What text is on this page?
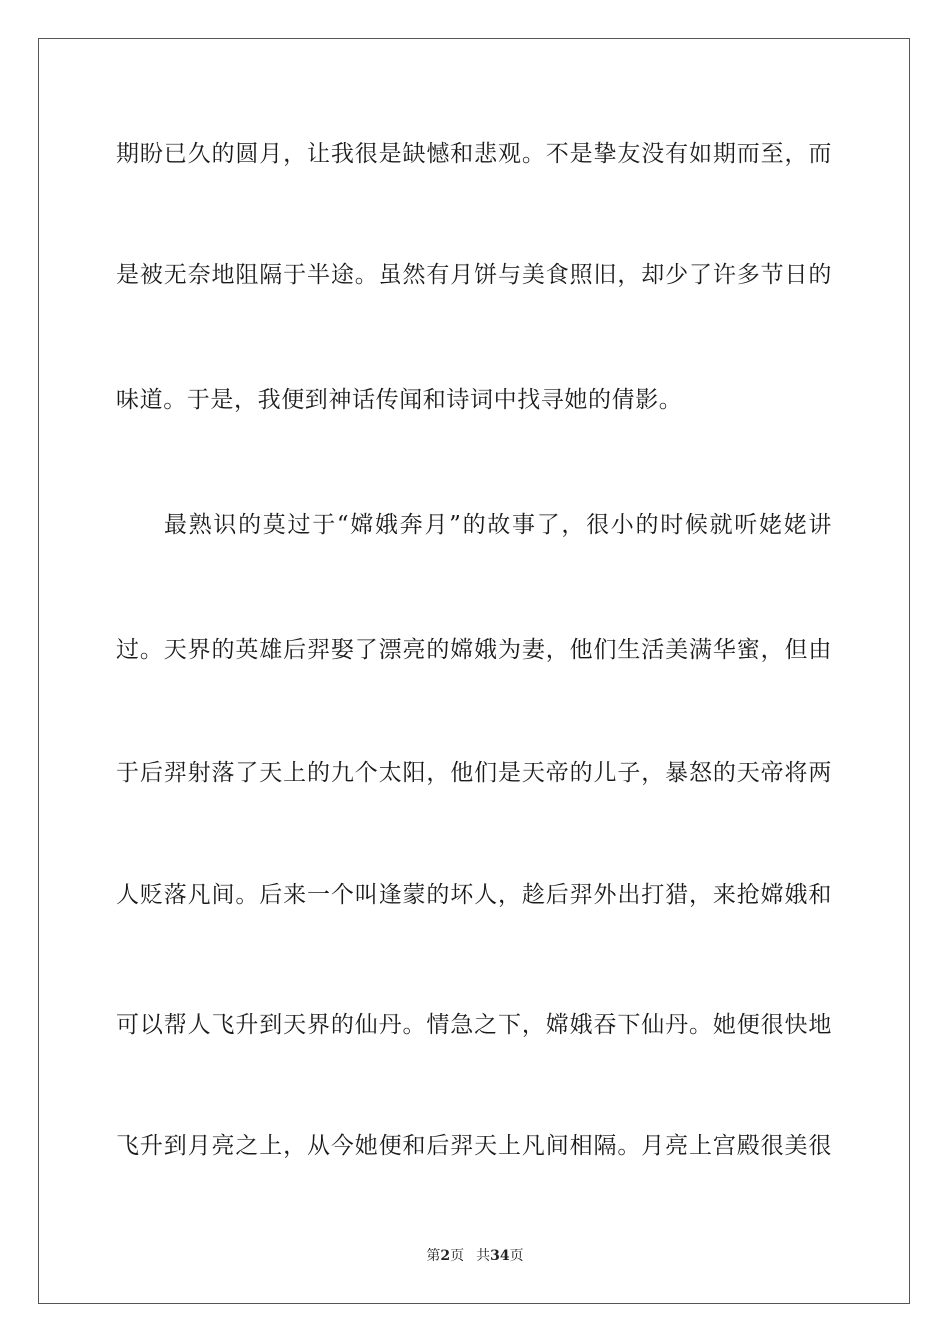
期盼已久的圆月，让我很是缺憾和悲观。不是挚友没有如期而至，而
是被无奈地阻隔于半途。虽然有月饼与美食照旧，却少了许多节日的
味道。于是，我便到神话传闻和诗词中找寻她的倩影。
最熟识的莫过于“嫦娥奔月”的故事了，很小的时候就听姥姥讲
过。天界的英雄后羿娶了漂亮的嫦娥为妻，他们生活美满华蜜，但由
于后羿射落了天上的九个太阳，他们是天帝的儿子，暴怒的天帝将两
人贬落凡间。后来一个叫逢蒙的坏人，趁后羿外出打猎，来抢嫦娥和
可以帮人飞升到天界的仙丹。情急之下，嫦娥吞下仙丹。她便很快地
飞升到月亮之上，从今她便和后羿天上凡间相隔。月亮上宫殿很美很
第2页 共34页
